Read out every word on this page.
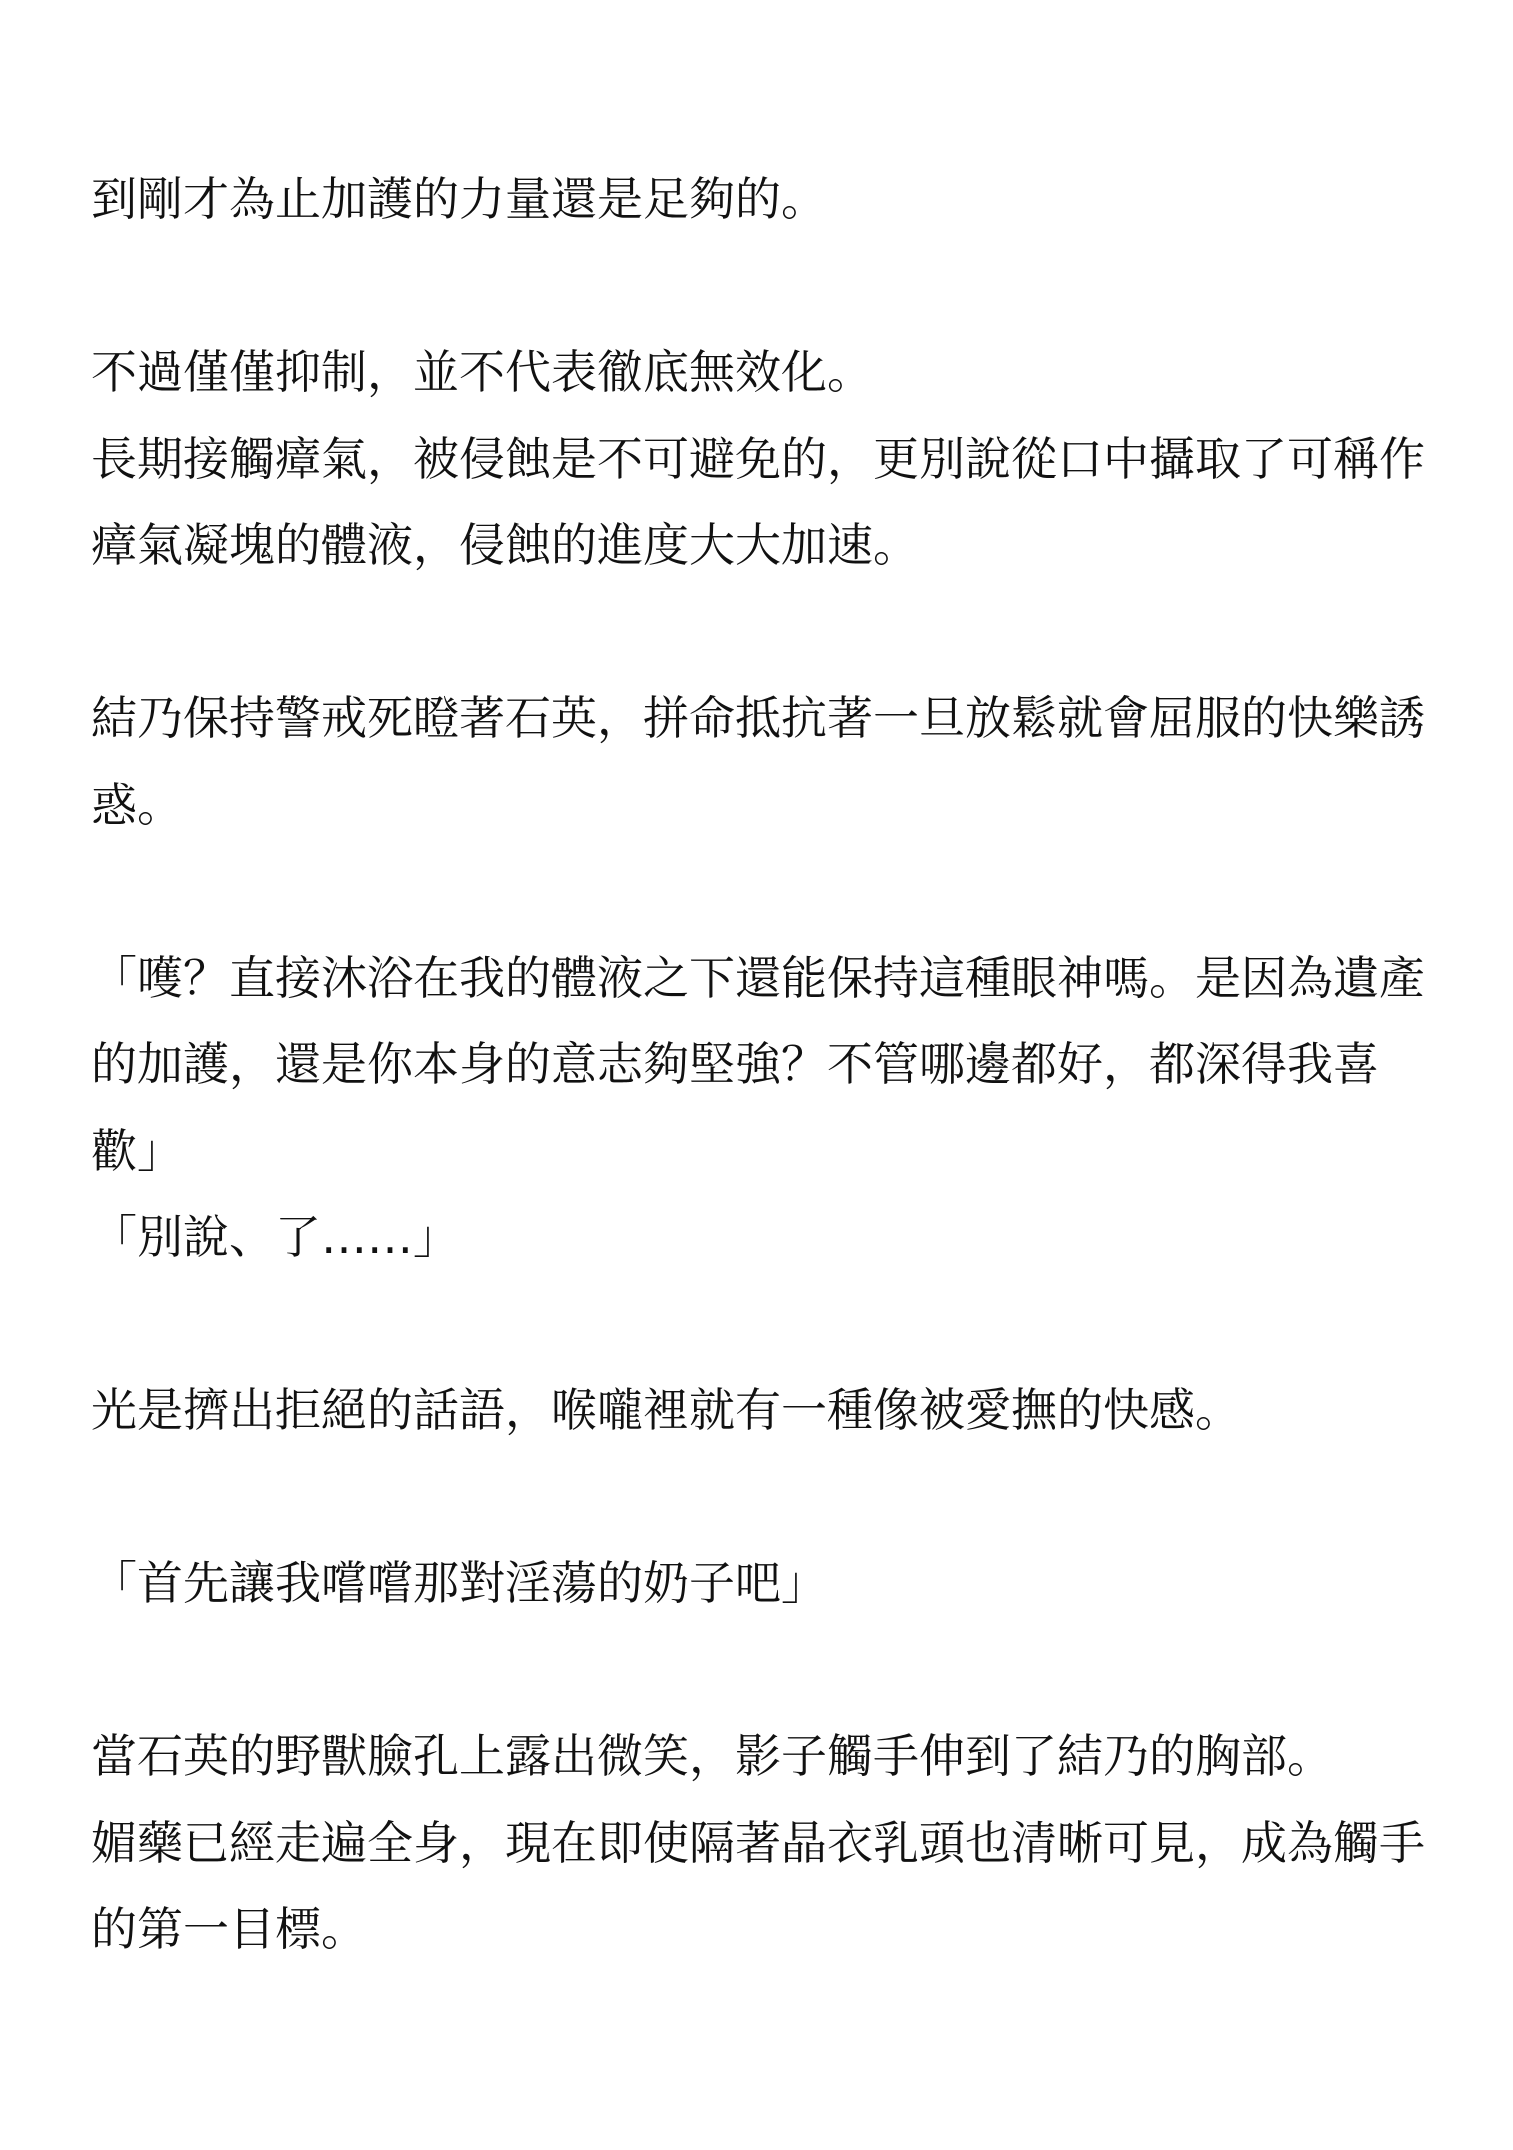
到剛才為止加護的力量還是足夠的。
不過僅僅抑制，並不代表徹底無效化。
長期接觸瘴氣，被侵蝕是不可避免的，更別說從口中攝取了可稱作
瘴氣凝塊的體液，侵蝕的進度大大加速。
結乃保持警戒死瞪著石英，拼命抵抗著一旦放鬆就會屈服的快樂誘
惑。
「嚄？直接沐浴在我的體液之下還能保持這種眼神嗎。是因為遺產
的加護，還是你本身的意志夠堅強？不管哪邊都好，都深得我喜
歡」
「別說、了……」
光是擠出拒絕的話語，喉嚨裡就有一種像被愛撫的快感。
「首先讓我嚐嚐那對淫蕩的奶子吧」
當石英的野獸臉孔上露出微笑，影子觸手伸到了結乃的胸部。
媚藥已經走遍全身，現在即使隔著晶衣乳頭也清晰可見，成為觸手
的第一目標。
